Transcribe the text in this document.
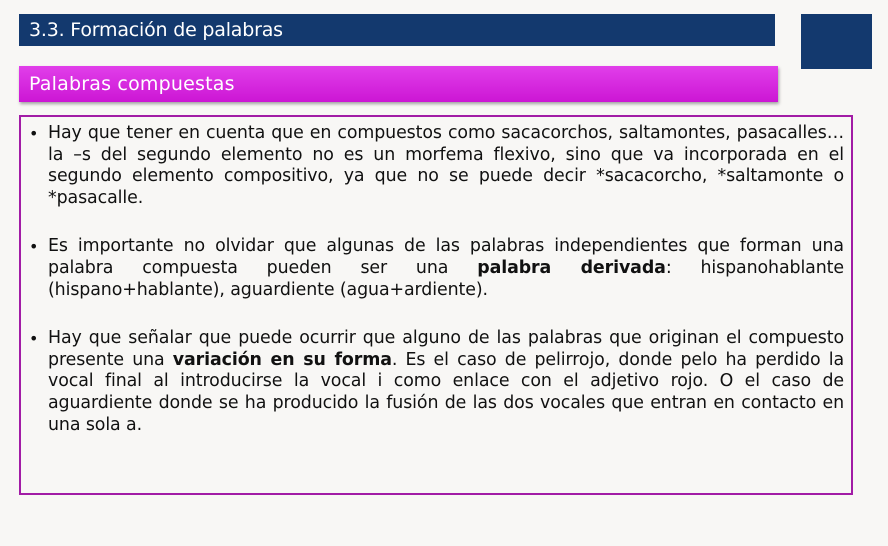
3.3. Formación de palabras
Palabras compuestas
• Hay que tener en cuenta que en compuestos como sacacorchos, saltamontes, pasacalles… la –s del segundo elemento no es un morfema flexivo, sino que va incorporada en el segundo elemento compositivo, ya que no se puede decir *sacacorcho, *saltamonte o *pasacalle.
• Es importante no olvidar que algunas de las palabras independientes que forman una palabra compuesta pueden ser una palabra derivada: hispanohablante (hispano+hablante), aguardiente (agua+ardiente).
• Hay que señalar que puede ocurrir que alguno de las palabras que originan el compuesto presente una variación en su forma. Es el caso de pelirrojo, donde pelo ha perdido la vocal final al introducirse la vocal i como enlace con el adjetivo rojo. O el caso de aguardiente donde se ha producido la fusión de las dos vocales que entran en contacto en una sola a.
